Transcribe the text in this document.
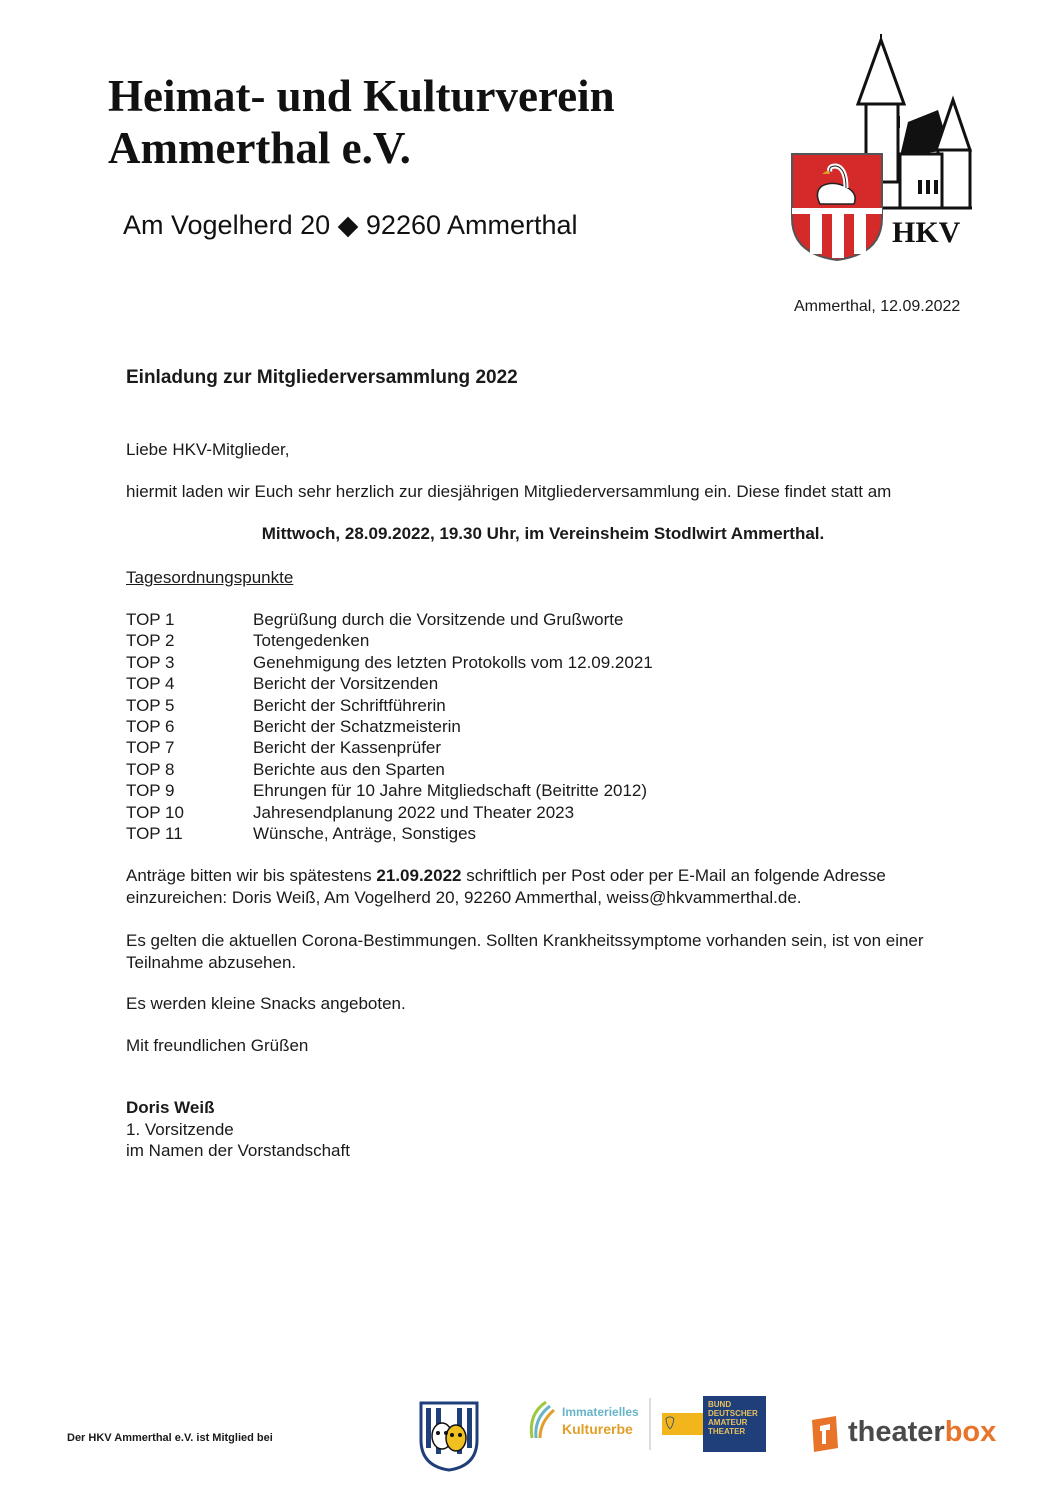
Heimat- und Kulturverein
Ammerthal e.V.
Am Vogelherd 20 ◆ 92260 Ammerthal	HKV
Ammerthal, 12.09.2022
Einladung zur Mitgliederversammlung 2022
Liebe HKV-Mitglieder,
hiermit laden wir Euch sehr herzlich zur diesjährigen Mitgliederversammlung ein. Diese findet statt am
Mittwoch, 28.09.2022, 19.30 Uhr, im Vereinsheim Stodlwirt Ammerthal.
Tagesordnungspunkte
TOP 1	Begrüßung durch die Vorsitzende und Grußworte
TOP 2	Totengedenken
TOP 3	Genehmigung des letzten Protokolls vom 12.09.2021
TOP 4	Bericht der Vorsitzenden
TOP 5	Bericht der Schriftführerin
TOP 6	Bericht der Schatzmeisterin
TOP 7	Bericht der Kassenprüfer
TOP 8	Berichte aus den Sparten
TOP 9	Ehrungen für 10 Jahre Mitgliedschaft (Beitritte 2012)
TOP 10	Jahresendplanung 2022 und Theater 2023
TOP 11	Wünsche, Anträge, Sonstiges
Anträge bitten wir bis spätestens 21.09.2022 schriftlich per Post oder per E-Mail an folgende Adresse einzureichen: Doris Weiß, Am Vogelherd 20, 92260 Ammerthal, weiss@hkvammerthal.de.
Es gelten die aktuellen Corona-Bestimmungen. Sollten Krankheitssymptome vorhanden sein, ist von einer Teilnahme abzusehen.
Es werden kleine Snacks angeboten.
Mit freundlichen Grüßen
Doris Weiß
1. Vorsitzende
im Namen der Vorstandschaft
Der HKV Ammerthal e.V. ist Mitglied bei
Immaterielles
Kulturerbe
BUND
DEUTSCHER
AMATEUR
THEATER	theaterbox
